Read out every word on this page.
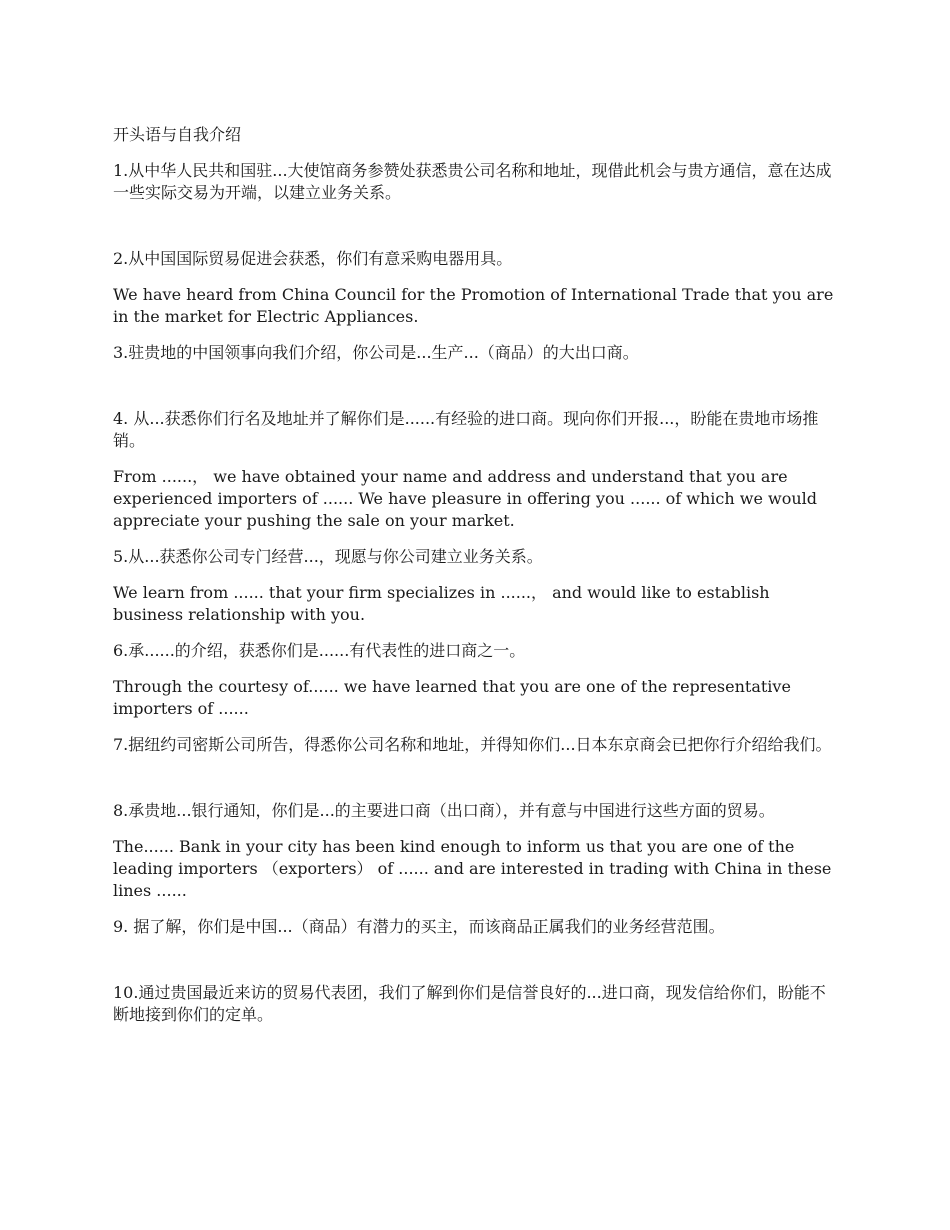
开头语与自我介绍

1.从中华人民共和国驻...大使馆商务参赞处获悉贵公司名称和地址，现借此机会与贵方通信，意在达成一些实际交易为开端，以建立业务关系。

2.从中国国际贸易促进会获悉，你们有意采购电器用具。

We have heard from China Council for the Promotion of International Trade that you are in the market for Electric Appliances.

3.驻贵地的中国领事向我们介绍，你公司是...生产...（商品）的大出口商。

4. 从...获悉你们行名及地址并了解你们是......有经验的进口商。现向你们开报...，盼能在贵地市场推销。

From ......， we have obtained your name and address and understand that you are experienced importers of ...... We have pleasure in offering you ...... of which we would appreciate your pushing the sale on your market.

5.从...获悉你公司专门经营...，现愿与你公司建立业务关系。

We learn from ...... that your firm specializes in ......， and would like to establish business relationship with you.

6.承......的介绍，获悉你们是......有代表性的进口商之一。

Through the courtesy of...... we have learned that you are one of the representative importers of ......

7.据纽约司密斯公司所告，得悉你公司名称和地址，并得知你们...日本东京商会已把你行介绍给我们。

8.承贵地...银行通知，你们是...的主要进口商（出口商），并有意与中国进行这些方面的贸易。

The...... Bank in your city has been kind enough to inform us that you are one of the leading importers （exporters） of ...... and are interested in trading with China in these lines ......

9. 据了解，你们是中国...（商品）有潜力的买主，而该商品正属我们的业务经营范围。

10.通过贵国最近来访的贸易代表团，我们了解到你们是信誉良好的...进口商，现发信给你们，盼能不断地接到你们的定单。
